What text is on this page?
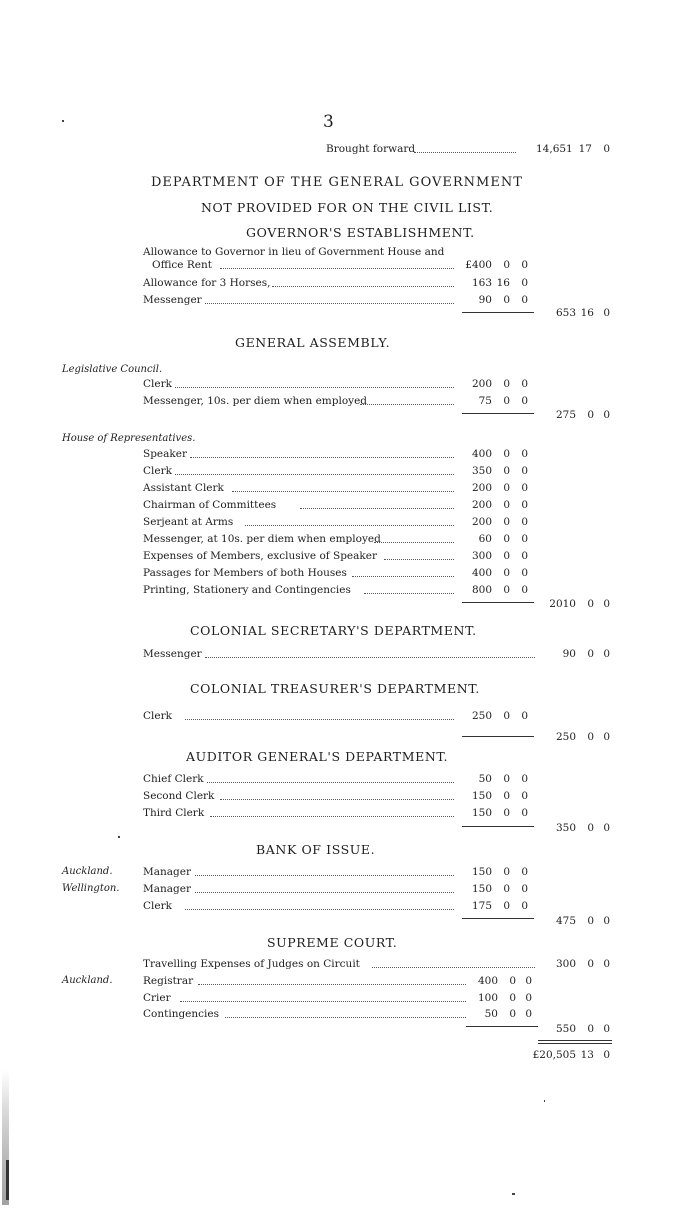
3
Brought forward	14,651 17	0
DEPARTMENT OF THE GENERAL GOVERNMENT
NOT PROVIDED FOR ON THE CIVIL LIST.
GOVERNOR'S ESTABLISHMENT.
Allowance to Governor in lieu of Government House and
Office Rent	£400	0	0
Allowance for 3 Horses,	163 16	0
Messenger	90	0	0
653 16 0
GENERAL ASSEMBLY.
Legislative Council.
Clerk	200	0	0
Messenger, 10s. per diem when employed	75	0	0
275	0 0
House of Representatives.
Speaker	400	0	0
Clerk	350	0	0
Assistant Clerk	200	0	0
Chairman of Committees	200	0	0
Serjeant at Arms	200	0	0
Messenger, at 10s. per diem when employed	60	0	0
Expenses of Members, exclusive of Speaker	300	0	0
Passages for Members of both Houses	400	0	0
Printing, Stationery and Contingencies	800	0	0
2010	0 0
COLONIAL SECRETARY'S DEPARTMENT.
Messenger	90	0 0
COLONIAL TREASURER'S DEPARTMENT.
Clerk	250	0	0
250	0 0
AUDITOR GENERAL'S DEPARTMENT.
Chief Clerk	50	0	0
Second Clerk	150	0	0
Third Clerk	150	0	0
350	0 0
BANK OF ISSUE.
Auckland.	Manager	150	0	0
Wellington. Manager	150	0	0
Clerk	175	0	0
475	0 0
SUPREME COURT.
Travelling Expenses of Judges on Circuit	300	0 0
Auckland.	Registrar	400	0 0
Crier	100	0 0
Contingencies	50	0 0
550	0 0
£20,505 13 0
